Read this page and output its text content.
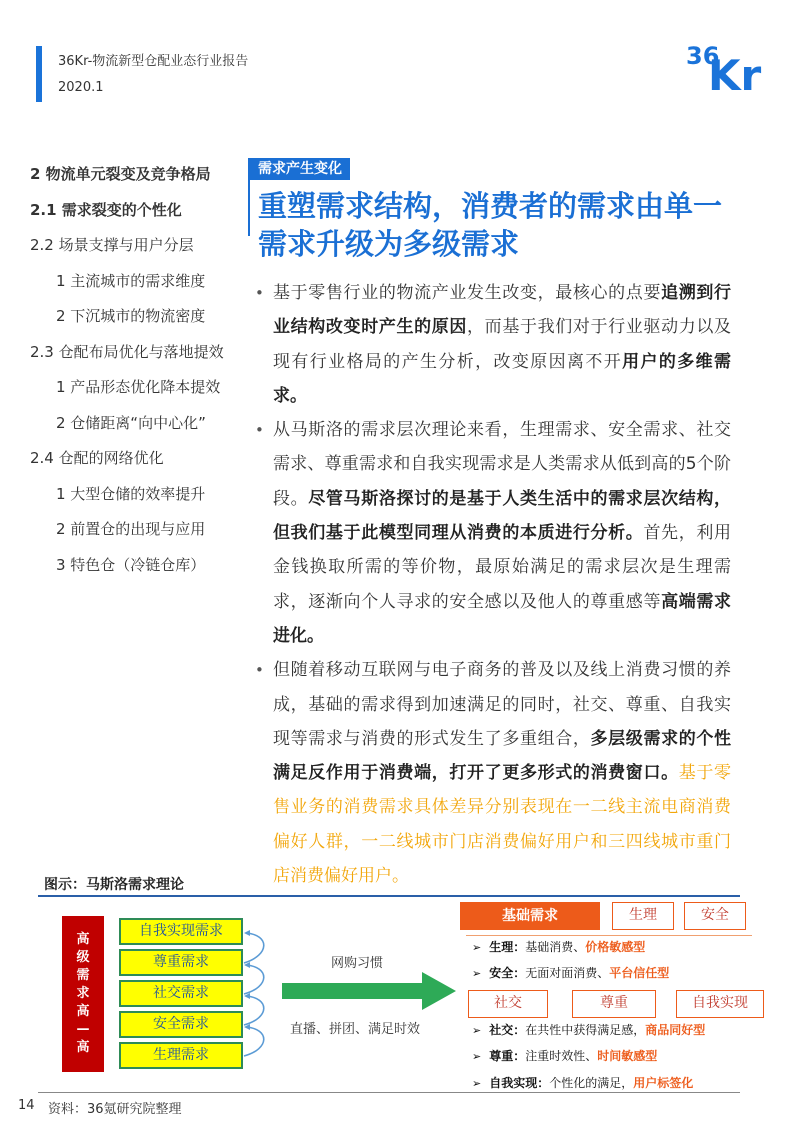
36Kr-物流新型仓配业态行业报告
2020.1
36
Kr
2 物流单元裂变及竞争格局
2.1 需求裂变的个性化
2.2 场景支撑与用户分层
1 主流城市的需求维度
2 下沉城市的物流密度
2.3 仓配布局优化与落地提效
1 产品形态优化降本提效
2 仓储距离“向中心化”
2.4 仓配的网络优化
1 大型仓储的效率提升
2 前置仓的出现与应用
3 特色仓（冷链仓库）
需求产生变化
重塑需求结构，消费者的需求由单一需求升级为多级需求
• 基于零售行业的物流产业发生改变，最核心的点要追溯到行业结构改变时产生的原因，而基于我们对于行业驱动力以及现有行业格局的产生分析，改变原因离不开用户的多维需求。

• 从马斯洛的需求层次理论来看，生理需求、安全需求、社交需求、尊重需求和自我实现需求是人类需求从低到高的5个阶段。尽管马斯洛探讨的是基于人类生活中的需求层次结构，但我们基于此模型同理从消费的本质进行分析。首先，利用金钱换取所需的等价物，最原始满足的需求层次是生理需求，逐渐向个人寻求的安全感以及他人的尊重感等高端需求进化。

• 但随着移动互联网与电子商务的普及以及线上消费习惯的养成，基础的需求得到加速满足的同时，社交、尊重、自我实现等需求与消费的形式发生了多重组合，多层级需求的个性满足反作用于消费端，打开了更多形式的消费窗口。基于零售业务的消费需求具体差异分别表现在一二线主流电商消费偏好人群，一二线城市门店消费偏好用户和三四线城市重门店消费偏好用户。

图示：马斯洛需求理论
高
级
需
求
高
—
高
自我实现需求
尊重需求
社交需求
安全需求
生理需求
网购习惯
直播、拼团、满足时效
基础需求	生理	安全
➢ 生理：基础消费、价格敏感型
➢ 安全：无面对面消费、平台信任型
社交	尊重	自我实现
➢ 社交：在共性中获得满足感，商品同好型
➢ 尊重：注重时效性、时间敏感型
➢ 自我实现：个性化的满足，用户标签化
14 资料：36氪研究院整理
